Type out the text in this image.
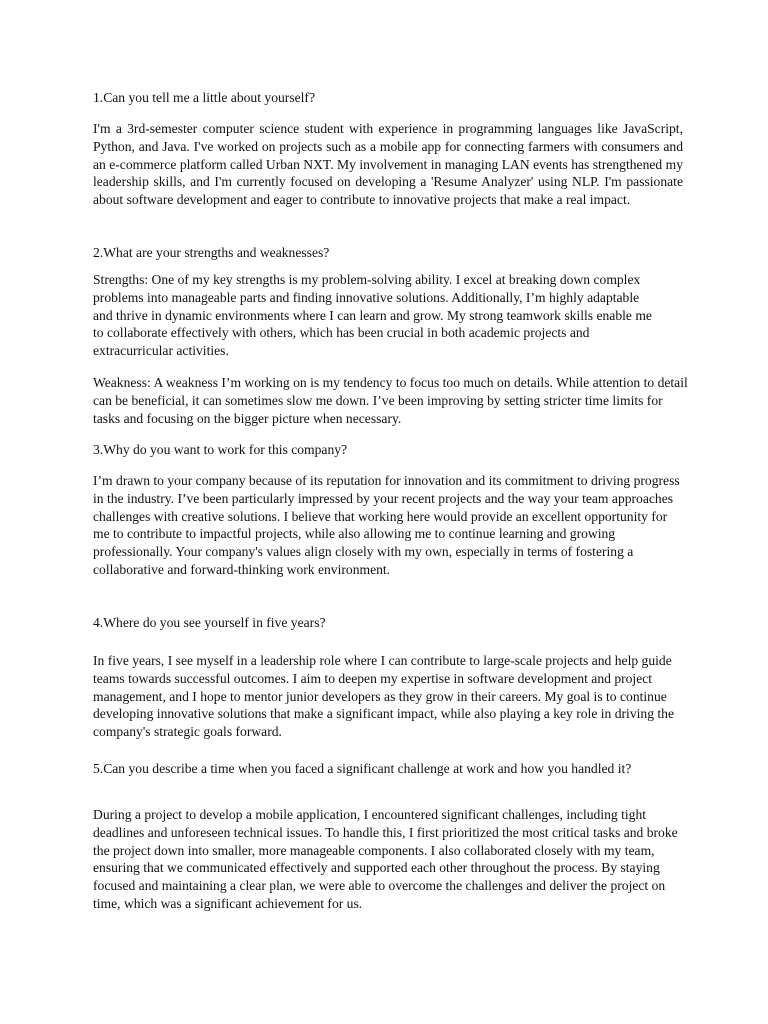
1.Can you tell me a little about yourself?

I'm a 3rd-semester computer science student with experience in programming languages like JavaScript, Python, and Java. I've worked on projects such as a mobile app for connecting farmers with consumers and an e-commerce platform called Urban NXT. My involvement in managing LAN events has strengthened my leadership skills, and I'm currently focused on developing a 'Resume Analyzer' using NLP. I'm passionate about software development and eager to contribute to innovative projects that make a real impact.

2.What are your strengths and weaknesses?

Strengths: One of my key strengths is my problem-solving ability. I excel at breaking down complex problems into manageable parts and finding innovative solutions. Additionally, I’m highly adaptable and thrive in dynamic environments where I can learn and grow. My strong teamwork skills enable me to collaborate effectively with others, which has been crucial in both academic projects and extracurricular activities.

Weakness: A weakness I’m working on is my tendency to focus too much on details. While attention to detail can be beneficial, it can sometimes slow me down. I’ve been improving by setting stricter time limits for tasks and focusing on the bigger picture when necessary.

3.Why do you want to work for this company?

I’m drawn to your company because of its reputation for innovation and its commitment to driving progress in the industry. I’ve been particularly impressed by your recent projects and the way your team approaches challenges with creative solutions. I believe that working here would provide an excellent opportunity for me to contribute to impactful projects, while also allowing me to continue learning and growing professionally. Your company's values align closely with my own, especially in terms of fostering a collaborative and forward-thinking work environment.

4.Where do you see yourself in five years?

In five years, I see myself in a leadership role where I can contribute to large-scale projects and help guide teams towards successful outcomes. I aim to deepen my expertise in software development and project management, and I hope to mentor junior developers as they grow in their careers. My goal is to continue developing innovative solutions that make a significant impact, while also playing a key role in driving the company's strategic goals forward.

5.Can you describe a time when you faced a significant challenge at work and how you handled it?

During a project to develop a mobile application, I encountered significant challenges, including tight deadlines and unforeseen technical issues. To handle this, I first prioritized the most critical tasks and broke the project down into smaller, more manageable components. I also collaborated closely with my team, ensuring that we communicated effectively and supported each other throughout the process. By staying focused and maintaining a clear plan, we were able to overcome the challenges and deliver the project on time, which was a significant achievement for us.
